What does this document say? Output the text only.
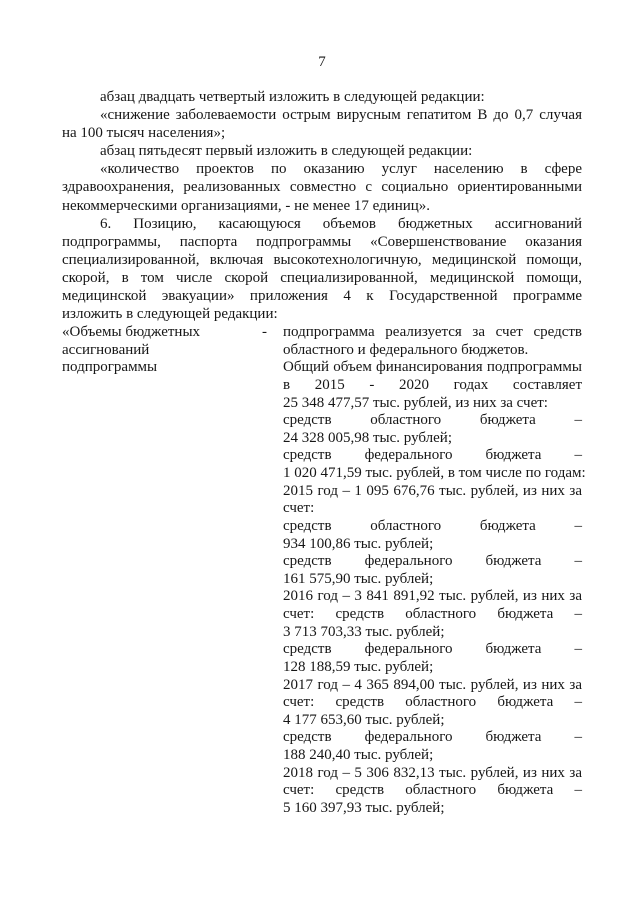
7
абзац двадцать четвертый изложить в следующей редакции:
«снижение заболеваемости острым вирусным гепатитом В до 0,7 случая
на 100 тысяч населения»;
абзац пятьдесят первый изложить в следующей редакции:
«количество проектов по оказанию услуг населению в сфере
здравоохранения, реализованных совместно с социально ориентированными
некоммерческими организациями, - не менее 17 единиц».
6. Позицию, касающуюся объемов бюджетных ассигнований
подпрограммы, паспорта подпрограммы «Совершенствование оказания
специализированной, включая высокотехнологичную, медицинской помощи,
скорой, в том числе скорой специализированной, медицинской помощи,
медицинской эвакуации» приложения 4 к Государственной программе
изложить в следующей редакции:
«Объемы бюджетных
ассигнований
подпрограммы
- подпрограмма реализуется за счет средств
областного и федерального бюджетов.
Общий объем финансирования подпрограммы
в 2015 - 2020 годах составляет
25 348 477,57 тыс. рублей, из них за счет:
средств областного бюджета –
24 328 005,98 тыс. рублей;
средств федерального бюджета –
1 020 471,59 тыс. рублей, в том числе по годам:
2015 год – 1 095 676,76 тыс. рублей, из них за
счет:
средств областного бюджета –
934 100,86 тыс. рублей;
средств федерального бюджета –
161 575,90 тыс. рублей;
2016 год – 3 841 891,92 тыс. рублей, из них за
счет: средств областного бюджета –
3 713 703,33 тыс. рублей;
средств федерального бюджета –
128 188,59 тыс. рублей;
2017 год – 4 365 894,00 тыс. рублей, из них за
счет: средств областного бюджета –
4 177 653,60 тыс. рублей;
средств федерального бюджета –
188 240,40 тыс. рублей;
2018 год – 5 306 832,13 тыс. рублей, из них за
счет: средств областного бюджета –
5 160 397,93 тыс. рублей;
